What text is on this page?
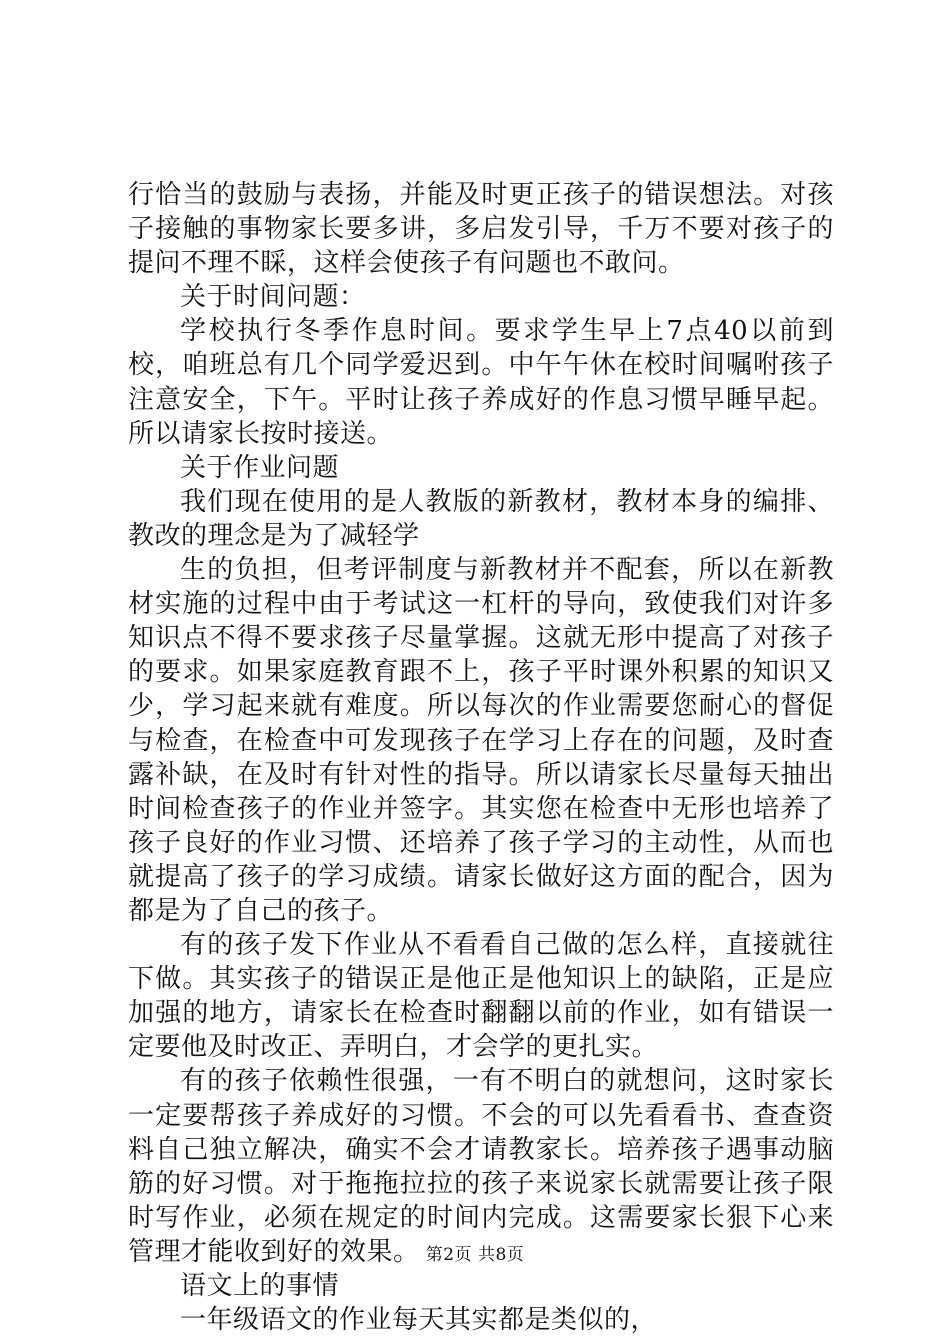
行恰当的鼓励与表扬，并能及时更正孩子的错误想法。对孩子接触的事物家长要多讲，多启发引导，千万不要对孩子的提问不理不睬，这样会使孩子有问题也不敢问。

关于时间问题：

学校执行冬季作息时间。要求学生早上7点40以前到校，咱班总有几个同学爱迟到。中午午休在校时间嘱咐孩子注意安全，下午。平时让孩子养成好的作息习惯早睡早起。所以请家长按时接送。

关于作业问题

我们现在使用的是人教版的新教材，教材本身的编排、教改的理念是为了减轻学

生的负担，但考评制度与新教材并不配套，所以在新教材实施的过程中由于考试这一杠杆的导向，致使我们对许多知识点不得不要求孩子尽量掌握。这就无形中提高了对孩子的要求。如果家庭教育跟不上，孩子平时课外积累的知识又少，学习起来就有难度。所以每次的作业需要您耐心的督促与检查，在检查中可发现孩子在学习上存在的问题，及时查露补缺，在及时有针对性的指导。所以请家长尽量每天抽出时间检查孩子的作业并签字。其实您在检查中无形也培养了孩子良好的作业习惯、还培养了孩子学习的主动性，从而也就提高了孩子的学习成绩。请家长做好这方面的配合，因为都是为了自己的孩子。

有的孩子发下作业从不看看自己做的怎么样，直接就往下做。其实孩子的错误正是他正是他知识上的缺陷，正是应加强的地方，请家长在检查时翻翻以前的作业，如有错误一定要他及时改正、弄明白，才会学的更扎实。

有的孩子依赖性很强，一有不明白的就想问，这时家长一定要帮孩子养成好的习惯。不会的可以先看看书、查查资料自己独立解决，确实不会才请教家长。培养孩子遇事动脑筋的好习惯。对于拖拖拉拉的孩子来说家长就需要让孩子限时写作业，必须在规定的时间内完成。这需要家长狠下心来管理才能收到好的效果。

语文上的事情

一年级语文的作业每天其实都是类似的，

第2页 共8页
